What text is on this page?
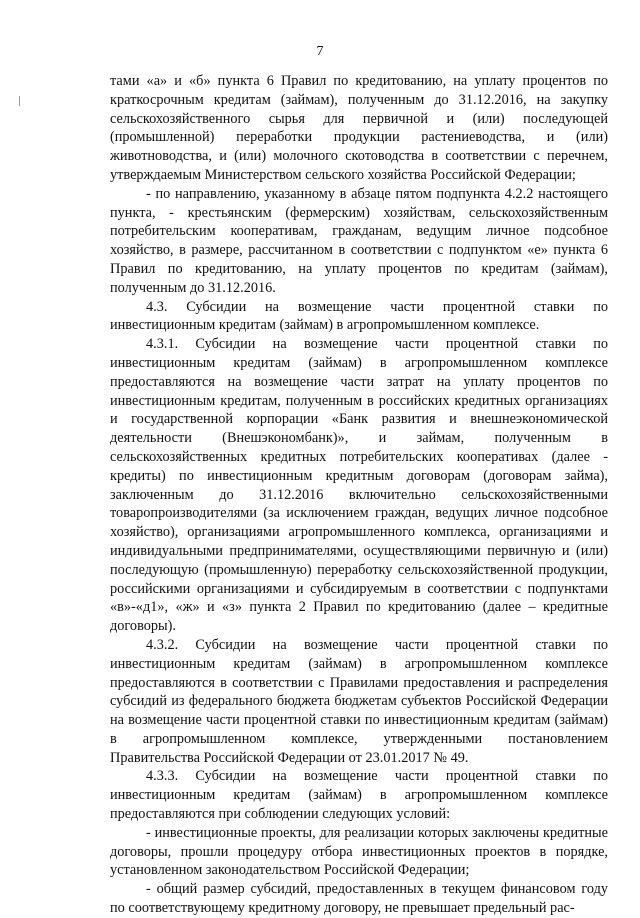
7

тами «а» и «б» пункта 6 Правил по кредитованию, на уплату процентов по краткосрочным кредитам (займам), полученным до 31.12.2016, на закупку сельскохозяйственного сырья для первичной и (или) последующей (промышленной) переработки продукции растениеводства, и (или) животноводства, и (или) молочного скотоводства в соответствии с перечнем, утверждаемым Министерством сельского хозяйства Российской Федерации;

- по направлению, указанному в абзаце пятом подпункта 4.2.2 настоящего пункта, - крестьянским (фермерским) хозяйствам, сельскохозяйственным потребительским кооперативам, гражданам, ведущим личное подсобное хозяйство, в размере, рассчитанном в соответствии с подпунктом «е» пункта 6 Правил по кредитованию, на уплату процентов по кредитам (займам), полученным до 31.12.2016.

4.3. Субсидии на возмещение части процентной ставки по инвестиционным кредитам (займам) в агропромышленном комплексе.

4.3.1. Субсидии на возмещение части процентной ставки по инвестиционным кредитам (займам) в агропромышленном комплексе предоставляются на возмещение части затрат на уплату процентов по инвестиционным кредитам, полученным в российских кредитных организациях и государственной корпорации «Банк развития и внешнеэкономической деятельности (Внешэкономбанк)», и займам, полученным в сельскохозяйственных кредитных потребительских кооперативах (далее - кредиты) по инвестиционным кредитным договорам (договорам займа), заключенным до 31.12.2016 включительно сельскохозяйственными товаропроизводителями (за исключением граждан, ведущих личное подсобное хозяйство), организациями агропромышленного комплекса, организациями и индивидуальными предпринимателями, осуществляющими первичную и (или) последующую (промышленную) переработку сельскохозяйственной продукции, российскими организациями и субсидируемым в соответствии с подпунктами «в»-«д1», «ж» и «з» пункта 2 Правил по кредитованию (далее – кредитные договоры).

4.3.2. Субсидии на возмещение части процентной ставки по инвестиционным кредитам (займам) в агропромышленном комплексе предоставляются в соответствии с Правилами предоставления и распределения субсидий из федерального бюджета бюджетам субъектов Российской Федерации на возмещение части процентной ставки по инвестиционным кредитам (займам) в агропромышленном комплексе, утвержденными постановлением Правительства Российской Федерации от 23.01.2017 № 49.

4.3.3. Субсидии на возмещение части процентной ставки по инвестиционным кредитам (займам) в агропромышленном комплексе предоставляются при соблюдении следующих условий:

- инвестиционные проекты, для реализации которых заключены кредитные договоры, прошли процедуру отбора инвестиционных проектов в порядке, установленном законодательством Российской Федерации;

- общий размер субсидий, предоставленных в текущем финансовом году по соответствующему кредитному договору, не превышает предельный рас-
